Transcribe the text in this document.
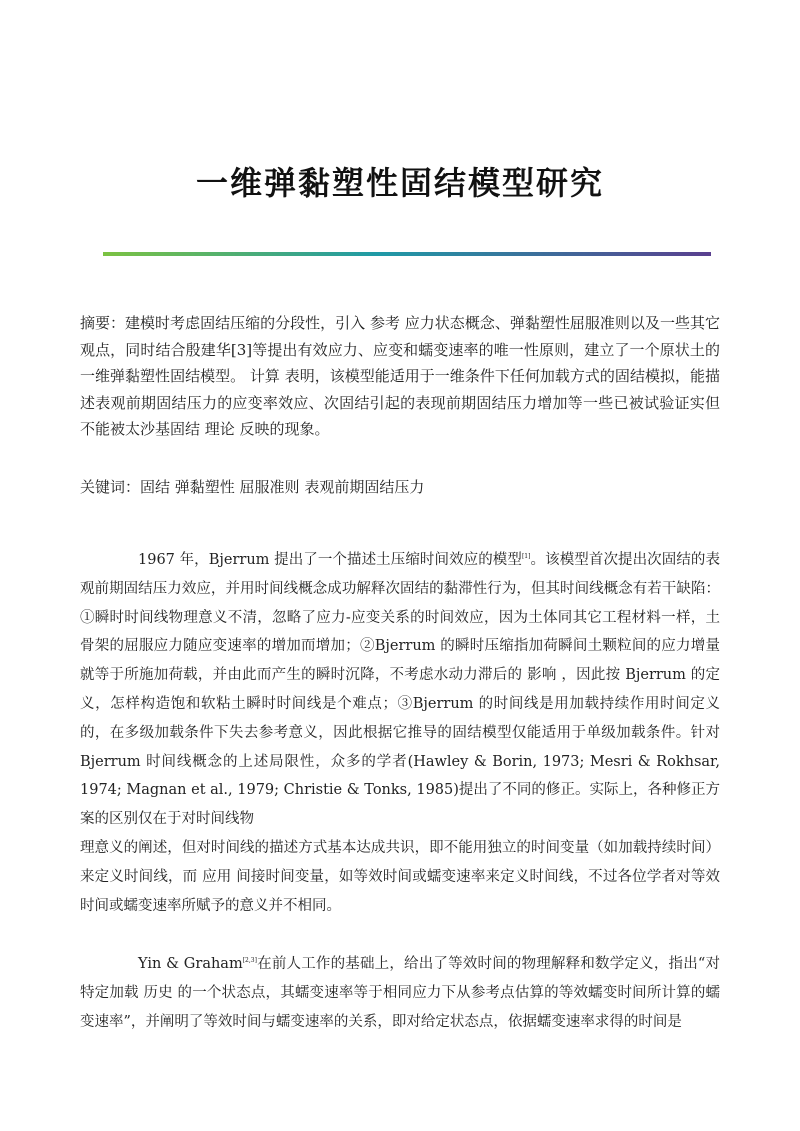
一维弹黏塑性固结模型研究

摘要：建模时考虑固结压缩的分段性，引入 参考 应力状态概念、弹黏塑性屈服准则以及一些其它观点，同时结合殷建华[3]等提出有效应力、应变和蠕变速率的唯一性原则，建立了一个原状土的一维弹黏塑性固结模型。 计算 表明，该模型能适用于一维条件下任何加载方式的固结模拟，能描述表观前期固结压力的应变率效应、次固结引起的表现前期固结压力增加等一些已被试验证实但不能被太沙基固结 理论 反映的现象。

关键词：固结 弹黏塑性 屈服准则 表观前期固结压力

1967 年，Bjerrum 提出了一个描述土压缩时间效应的模型[1]。该模型首次提出次固结的表观前期固结压力效应，并用时间线概念成功解释次固结的黏滞性行为，但其时间线概念有若干缺陷：①瞬时时间线物理意义不清，忽略了应力-应变关系的时间效应，因为土体同其它工程材料一样，土骨架的屈服应力随应变速率的增加而增加；②Bjerrum 的瞬时压缩指加荷瞬间土颗粒间的应力增量就等于所施加荷载，并由此而产生的瞬时沉降，不考虑水动力滞后的 影响 ，因此按 Bjerrum 的定义，怎样构造饱和软粘土瞬时时间线是个难点；③Bjerrum 的时间线是用加载持续作用时间定义的，在多级加载条件下失去参考意义，因此根据它推导的固结模型仅能适用于单级加载条件。针对 Bjerrum 时间线概念的上述局限性，众多的学者(Hawley & Borin, 1973; Mesri & Rokhsar, 1974; Magnan et al., 1979; Christie & Tonks, 1985)提出了不同的修正。实际上，各种修正方案的区别仅在于对时间线物
理意义的阐述，但对时间线的描述方式基本达成共识，即不能用独立的时间变量（如加载持续时间）来定义时间线，而 应用 间接时间变量，如等效时间或蠕变速率来定义时间线，不过各位学者对等效时间或蠕变速率所赋予的意义并不相同。
Yin & Graham[2,3]在前人工作的基础上，给出了等效时间的物理解释和数学定义，指出“对特定加载 历史 的一个状态点，其蠕变速率等于相同应力下从参考点估算的等效蠕变时间所计算的蠕变速率”，并阐明了等效时间与蠕变速率的关系，即对给定状态点，依据蠕变速率求得的时间是
